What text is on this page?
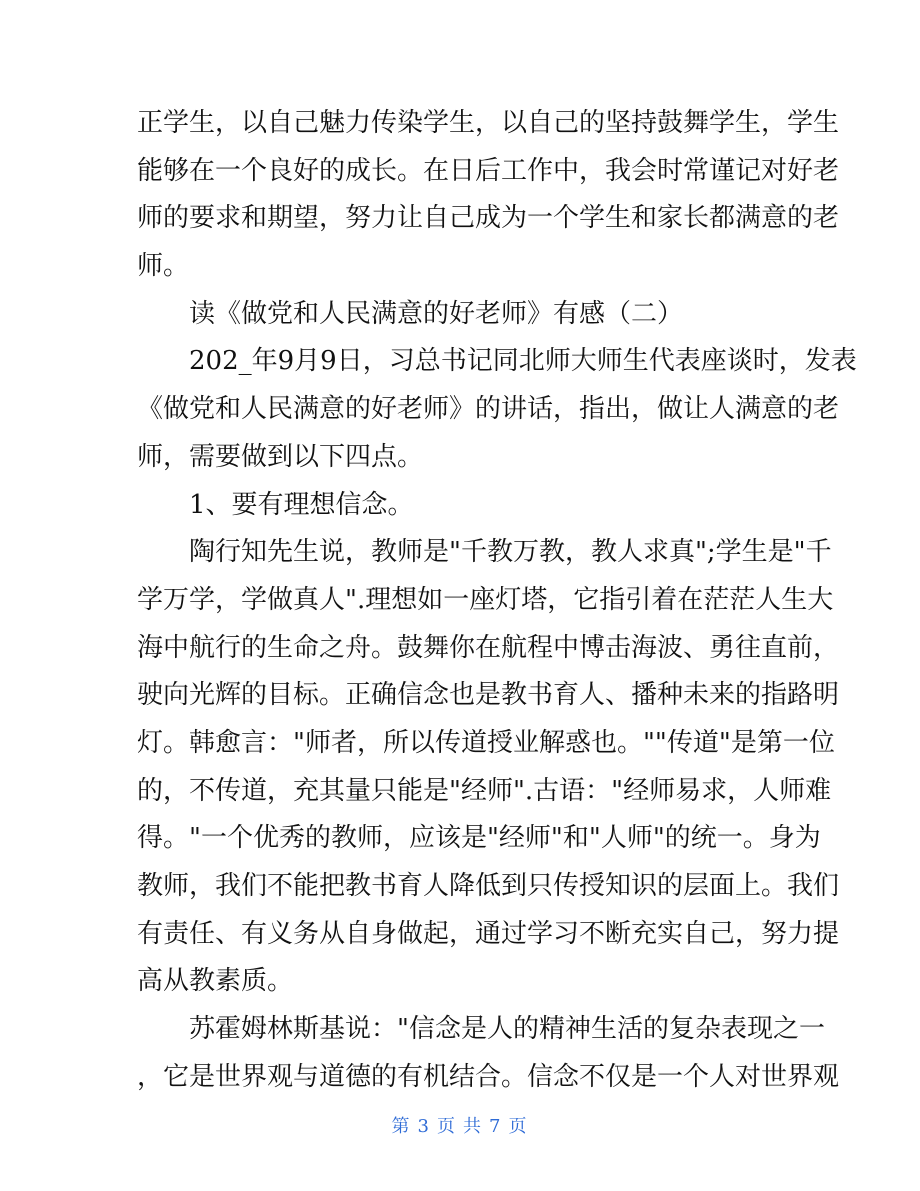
正学生，以自己魅力传染学生，以自己的坚持鼓舞学生，学生
能够在一个良好的成长。在日后工作中，我会时常谨记对好老
师的要求和期望，努力让自己成为一个学生和家长都满意的老
师。
读《做党和人民满意的好老师》有感（二）
202_年9月9日，习总书记同北师大师生代表座谈时，发表
《做党和人民满意的好老师》的讲话，指出，做让人满意的老
师，需要做到以下四点。
1、要有理想信念。
陶行知先生说，教师是"千教万教，教人求真";学生是"千
学万学，学做真人".理想如一座灯塔，它指引着在茫茫人生大
海中航行的生命之舟。鼓舞你在航程中博击海波、勇往直前，
驶向光辉的目标。正确信念也是教书育人、播种未来的指路明
灯。韩愈言："师者，所以传道授业解惑也。""传道"是第一位
的，不传道，充其量只能是"经师".古语："经师易求，人师难
得。"一个优秀的教师，应该是"经师"和"人师"的统一。身为
教师，我们不能把教书育人降低到只传授知识的层面上。我们
有责任、有义务从自身做起，通过学习不断充实自己，努力提
高从教素质。
苏霍姆林斯基说："信念是人的精神生活的复杂表现之一
，它是世界观与道德的有机结合。信念不仅是一个人对世界观
第 3 页 共 7 页
